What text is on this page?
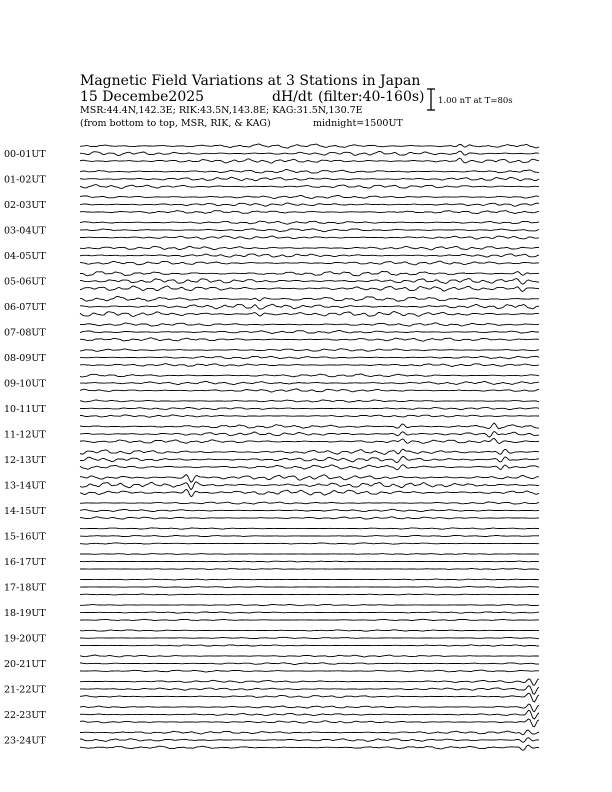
Magnetic Field Variations at 3 Stations in Japan
15 Decembe2025	dH/dt (filter:40-160s)
MSR:44.4N,142.3E; RIK:43.5N,143.8E; KAG:31.5N,130.7E
(from bottom to top, MSR, RIK, & KAG)	midnight=1500UT
1.00 nT at T=80s
00-01UT
01-02UT
02-03UT
03-04UT
04-05UT
05-06UT
06-07UT
07-08UT
08-09UT
09-10UT
10-11UT
11-12UT
12-13UT
13-14UT
14-15UT
15-16UT
16-17UT
17-18UT
18-19UT
19-20UT
20-21UT
21-22UT
22-23UT
23-24UT
